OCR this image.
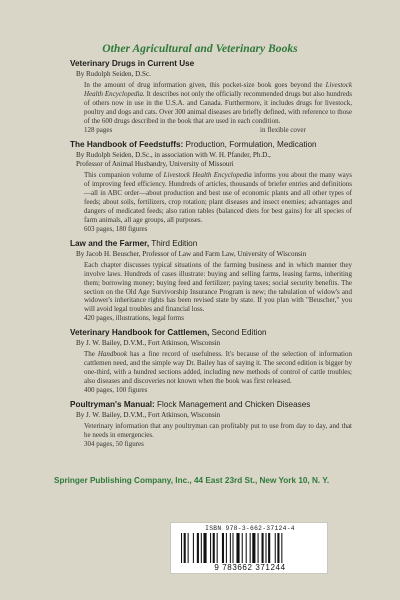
Other Agricultural and Veterinary Books
Veterinary Drugs in Current Use
By Rudolph Seiden, D.Sc.
In the amount of drug information given, this pocket-size book goes beyond the Livestock Health Encyclopedia. It describes not only the officially recommended drugs but also hundreds of others now in use in the U.S.A. and Canada. Furthermore, it includes drugs for livestock, poultry and dogs and cats. Over 300 animal diseases are briefly defined, with reference to those of the 600 drugs described in the book that are used in each condition.
128 pages	in flexible cover
The Handbook of Feedstuffs: Production, Formulation, Medication
By Rudolph Seiden, D.Sc., in association with W. H. Pfander, Ph.D.,
Professor of Animal Husbandry, University of Missouri
This companion volume of Livestock Health Encyclopedia informs you about the many ways of improving feed efficiency. Hundreds of articles, thousands of briefer entries and definitions—all in ABC order—about production and best use of economic plants and all other types of feeds; about soils, fertilizers, crop rotation; plant diseases and insect enemies; advantages and dangers of medicated feeds; also ration tables (balanced diets for best gains) for all species of farm animals, all age groups, all purposes.
603 pages, 180 figures
Law and the Farmer, Third Edition
By Jacob H. Beuscher, Professor of Law and Farm Law, University of Wisconsin
Each chapter discusses typical situations of the farming business and in which manner they involve laws. Hundreds of cases illustrate: buying and selling farms, leasing farms, inheriting them; borrowing money; buying feed and fertilizer; paying taxes; social security benefits. The section on the Old Age Survivorship Insurance Program is new; the tabulation of widow's and widower's inheritance rights has been revised state by state. If you plan with "Beuscher," you will avoid legal troubles and financial loss.
420 pages, illustrations, legal forms
Veterinary Handbook for Cattlemen, Second Edition
By J. W. Bailey, D.V.M., Fort Atkinson, Wisconsin
The Handbook has a fine record of usefulness. It's because of the selection of information cattlemen need, and the simple way Dr. Bailey has of saying it. The second edition is bigger by one-third, with a hundred sections added, including new methods of control of cattle troubles; also diseases and discoveries not known when the book was first released.
400 pages, 100 figures
Poultryman's Manual: Flock Management and Chicken Diseases
By J. W. Bailey, D.V.M., Fort Atkinson, Wisconsin
Veterinary information that any poultryman can profitably put to use from day to day, and that he needs in emergencies.
304 pages, 50 figures
Springer Publishing Company, Inc., 44 East 23rd St., New York 10, N. Y.
ISBN 978-3-662-37124-4
9 783662 371244
